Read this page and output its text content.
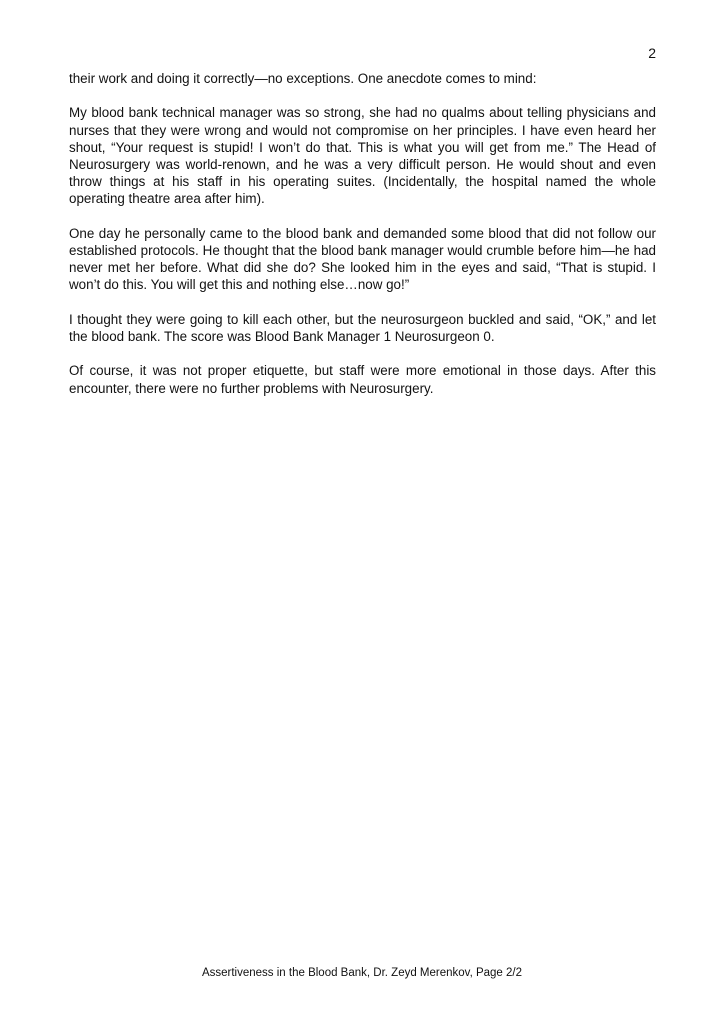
2

their work and doing it correctly—no exceptions. One anecdote comes to mind:

My blood bank technical manager was so strong, she had no qualms about telling physicians and nurses that they were wrong and would not compromise on her principles. I have even heard her shout, “Your request is stupid! I won’t do that. This is what you will get from me.” The Head of Neurosurgery was world-renown, and he was a very difficult person. He would shout and even throw things at his staff in his operating suites. (Incidentally, the hospital named the whole operating theatre area after him).

One day he personally came to the blood bank and demanded some blood that did not follow our established protocols. He thought that the blood bank manager would crumble before him—he had never met her before. What did she do? She looked him in the eyes and said, “That is stupid. I won’t do this. You will get this and nothing else…now go!”

I thought they were going to kill each other, but the neurosurgeon buckled and said, “OK,” and let the blood bank. The score was Blood Bank Manager 1 Neurosurgeon 0.

Of course, it was not proper etiquette, but staff were more emotional in those days. After this encounter, there were no further problems with Neurosurgery.

Assertiveness in the Blood Bank, Dr. Zeyd Merenkov, Page 2/2
